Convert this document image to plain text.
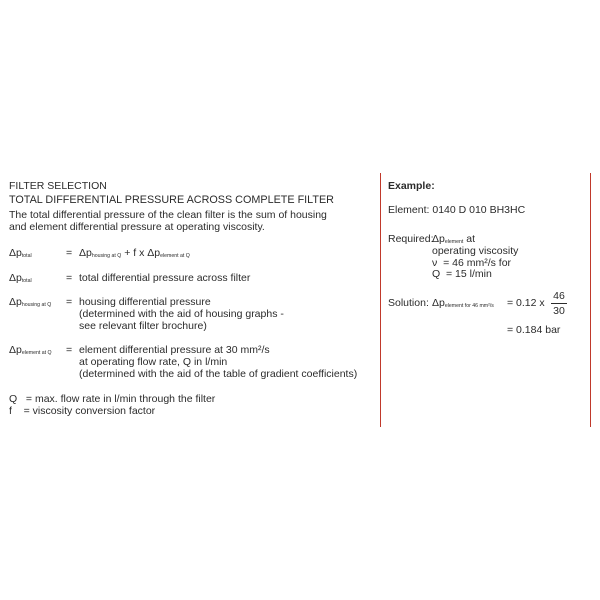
FILTER SELECTION
TOTAL DIFFERENTIAL PRESSURE ACROSS COMPLETE FILTER
The total differential pressure of the clean filter is the sum of housing
and element differential pressure at operating viscosity.
$\Delta p_{total}$	= $\Delta p_{housing at Q} + f$ x $\Delta p_{element at Q}$
$\Delta p_{total}$	= total differential pressure across filter
$\Delta p_{housing at Q} = housing$ differential pressure
(determined with the aid of housing graphs -
see relevant filter brochure)
$\Delta p_{element at Q}$ = element differential pressure at 30 mm²/s
at operating flow rate, Q in l/min
(determined with the aid of the table of gradient coefficients)
Q   = max. flow rate in l/min through the filter
f    = viscosity conversion factor
Example:
Element: 0140 D 010 BH3HC
Required:
$\Delta p_{element}$ at
operating viscosity
ν  = 46 mm²/s for
Q  = 15 l/min
Solution: $\Delta p_{element for 46 mm^2/s} = 0.12$ x
46
30
= 0.184 bar
